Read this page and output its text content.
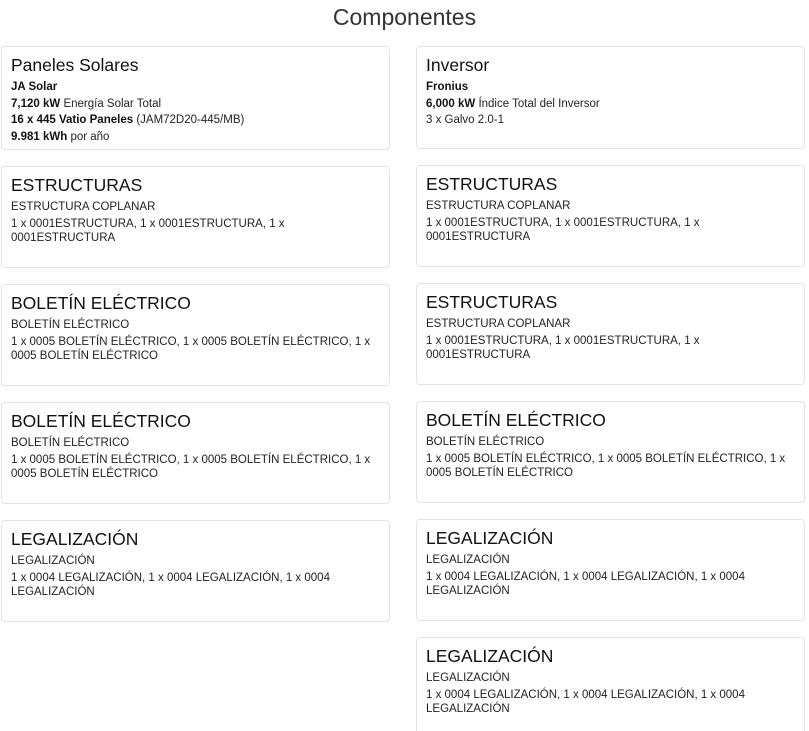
Componentes
Paneles Solares
JA Solar
7,120 kW Energía Solar Total
16 x 445 Vatio Paneles (JAM72D20-445/MB)
9.981 kWh por año
ESTRUCTURAS
ESTRUCTURA COPLANAR
1 x 0001ESTRUCTURA, 1 x 0001ESTRUCTURA, 1 x 0001ESTRUCTURA
BOLETÍN ELÉCTRICO
BOLETÍN ELÉCTRICO
1 x 0005 BOLETÍN ELÉCTRICO, 1 x 0005 BOLETÍN ELÉCTRICO, 1 x 0005 BOLETÍN ELÉCTRICO
BOLETÍN ELÉCTRICO
BOLETÍN ELÉCTRICO
1 x 0005 BOLETÍN ELÉCTRICO, 1 x 0005 BOLETÍN ELÉCTRICO, 1 x 0005 BOLETÍN ELÉCTRICO
LEGALIZACIÓN
LEGALIZACIÓN
1 x 0004 LEGALIZACIÓN, 1 x 0004 LEGALIZACIÓN, 1 x 0004 LEGALIZACIÓN
Inversor
Fronius
6,000 kW Índice Total del Inversor
3 x Galvo 2.0-1
ESTRUCTURAS
ESTRUCTURA COPLANAR
1 x 0001ESTRUCTURA, 1 x 0001ESTRUCTURA, 1 x 0001ESTRUCTURA
ESTRUCTURAS
ESTRUCTURA COPLANAR
1 x 0001ESTRUCTURA, 1 x 0001ESTRUCTURA, 1 x 0001ESTRUCTURA
BOLETÍN ELÉCTRICO
BOLETÍN ELÉCTRICO
1 x 0005 BOLETÍN ELÉCTRICO, 1 x 0005 BOLETÍN ELÉCTRICO, 1 x 0005 BOLETÍN ELÉCTRICO
LEGALIZACIÓN
LEGALIZACIÓN
1 x 0004 LEGALIZACIÓN, 1 x 0004 LEGALIZACIÓN, 1 x 0004 LEGALIZACIÓN
LEGALIZACIÓN
LEGALIZACIÓN
1 x 0004 LEGALIZACIÓN, 1 x 0004 LEGALIZACIÓN, 1 x 0004 LEGALIZACIÓN
